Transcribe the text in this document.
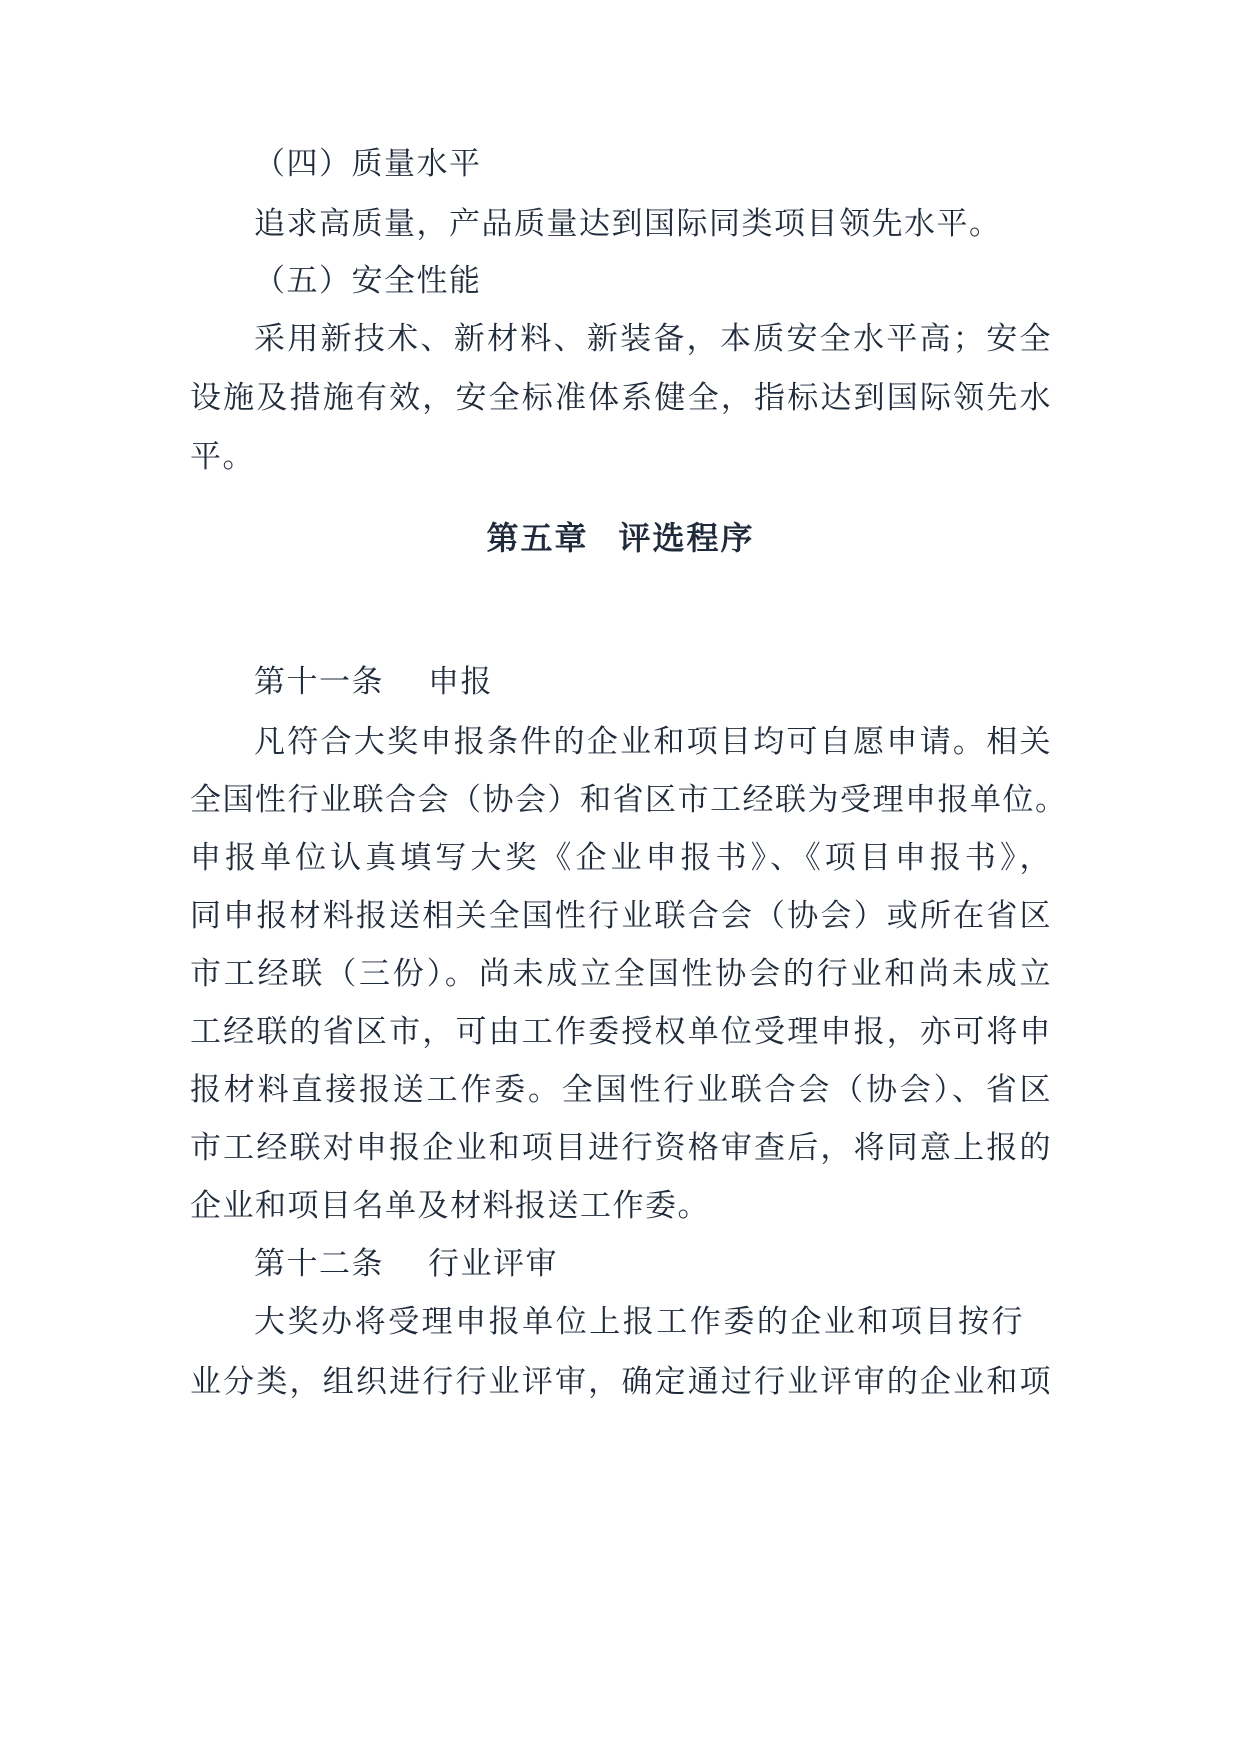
（四）质量水平
追求高质量，产品质量达到国际同类项目领先水平。
（五）安全性能
采用新技术、新材料、新装备，本质安全水平高；安全
设施及措施有效，安全标准体系健全，指标达到国际领先水
平。
第五章 评选程序
第十一条 申报
凡符合大奖申报条件的企业和项目均可自愿申请。相关
全国性行业联合会（协会）和省区市工经联为受理申报单位。
申报单位认真填写大奖《企业申报书》、《项目申报书》，
同申报材料报送相关全国性行业联合会（协会）或所在省区
市工经联（三份）。尚未成立全国性协会的行业和尚未成立
工经联的省区市，可由工作委授权单位受理申报，亦可将申
报材料直接报送工作委。全国性行业联合会（协会）、省区
市工经联对申报企业和项目进行资格审查后，将同意上报的
企业和项目名单及材料报送工作委。
第十二条 行业评审
大奖办将受理申报单位上报工作委的企业和项目按行
业分类，组织进行行业评审，确定通过行业评审的企业和项
